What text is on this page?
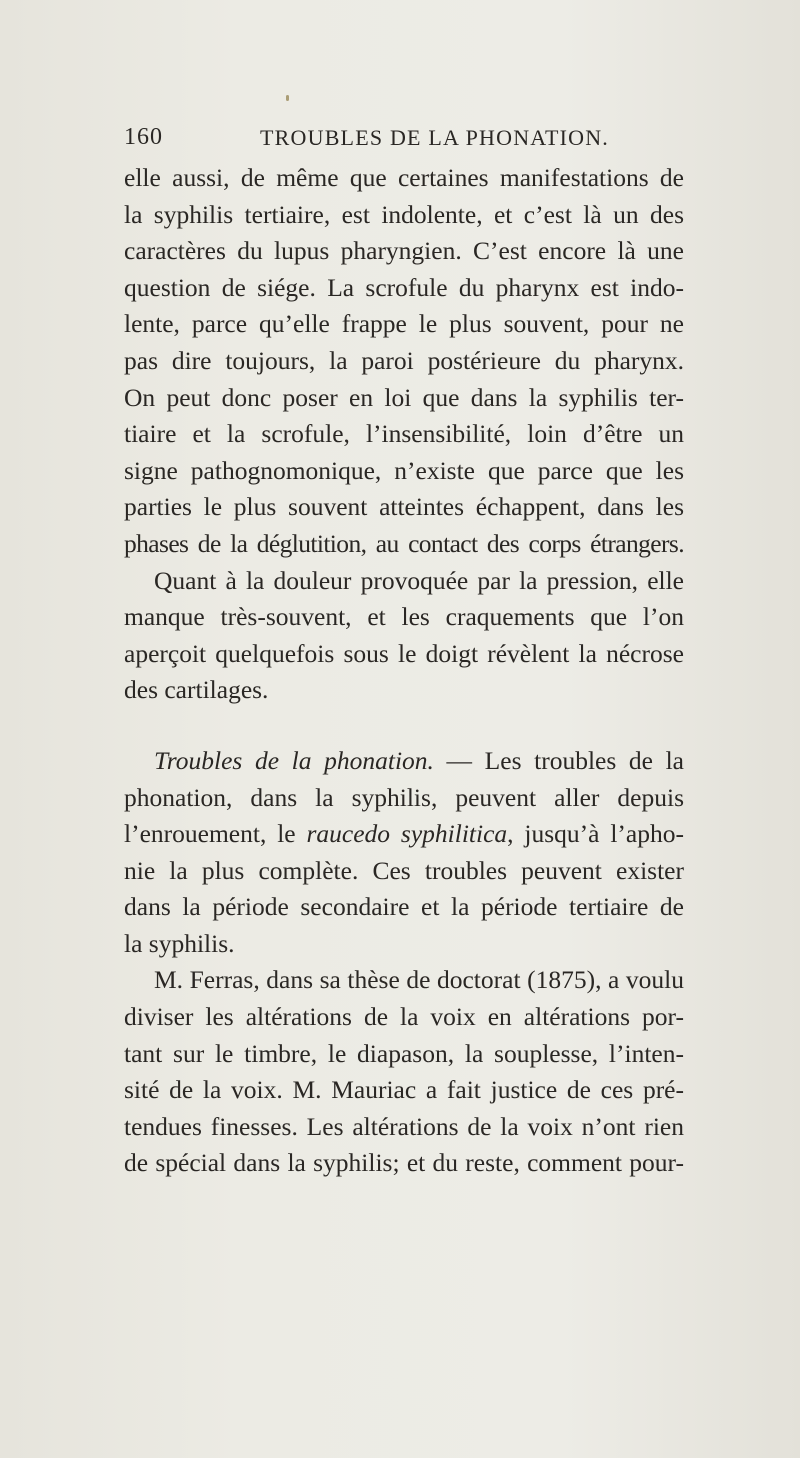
160	TROUBLES DE LA PHONATION.
elle aussi, de même que certaines manifestations de
la syphilis tertiaire, est indolente, et c’est là un des
caractères du lupus pharyngien. C’est encore là une
question de siége. La scrofule du pharynx est indo-
lente, parce qu’elle frappe le plus souvent, pour ne
pas dire toujours, la paroi postérieure du pharynx.
On peut donc poser en loi que dans la syphilis ter-
tiaire et la scrofule, l’insensibilité, loin d’être un
signe pathognomonique, n’existe que parce que les
parties le plus souvent atteintes échappent, dans les
phases de la déglutition, au contact des corps étrangers.
Quant à la douleur provoquée par la pression, elle
manque très-souvent, et les craquements que l’on
aperçoit quelquefois sous le doigt révèlent la nécrose
des cartilages.
Troubles de la phonation. — Les troubles de la
phonation, dans la syphilis, peuvent aller depuis
l’enrouement, le raucedo syphilitica, jusqu’à l’apho-
nie la plus complète. Ces troubles peuvent exister
dans la période secondaire et la période tertiaire de
la syphilis.
M. Ferras, dans sa thèse de doctorat (1875), a voulu
diviser les altérations de la voix en altérations por-
tant sur le timbre, le diapason, la souplesse, l’inten-
sité de la voix. M. Mauriac a fait justice de ces pré-
tendues finesses. Les altérations de la voix n’ont rien
de spécial dans la syphilis; et du reste, comment pour-
